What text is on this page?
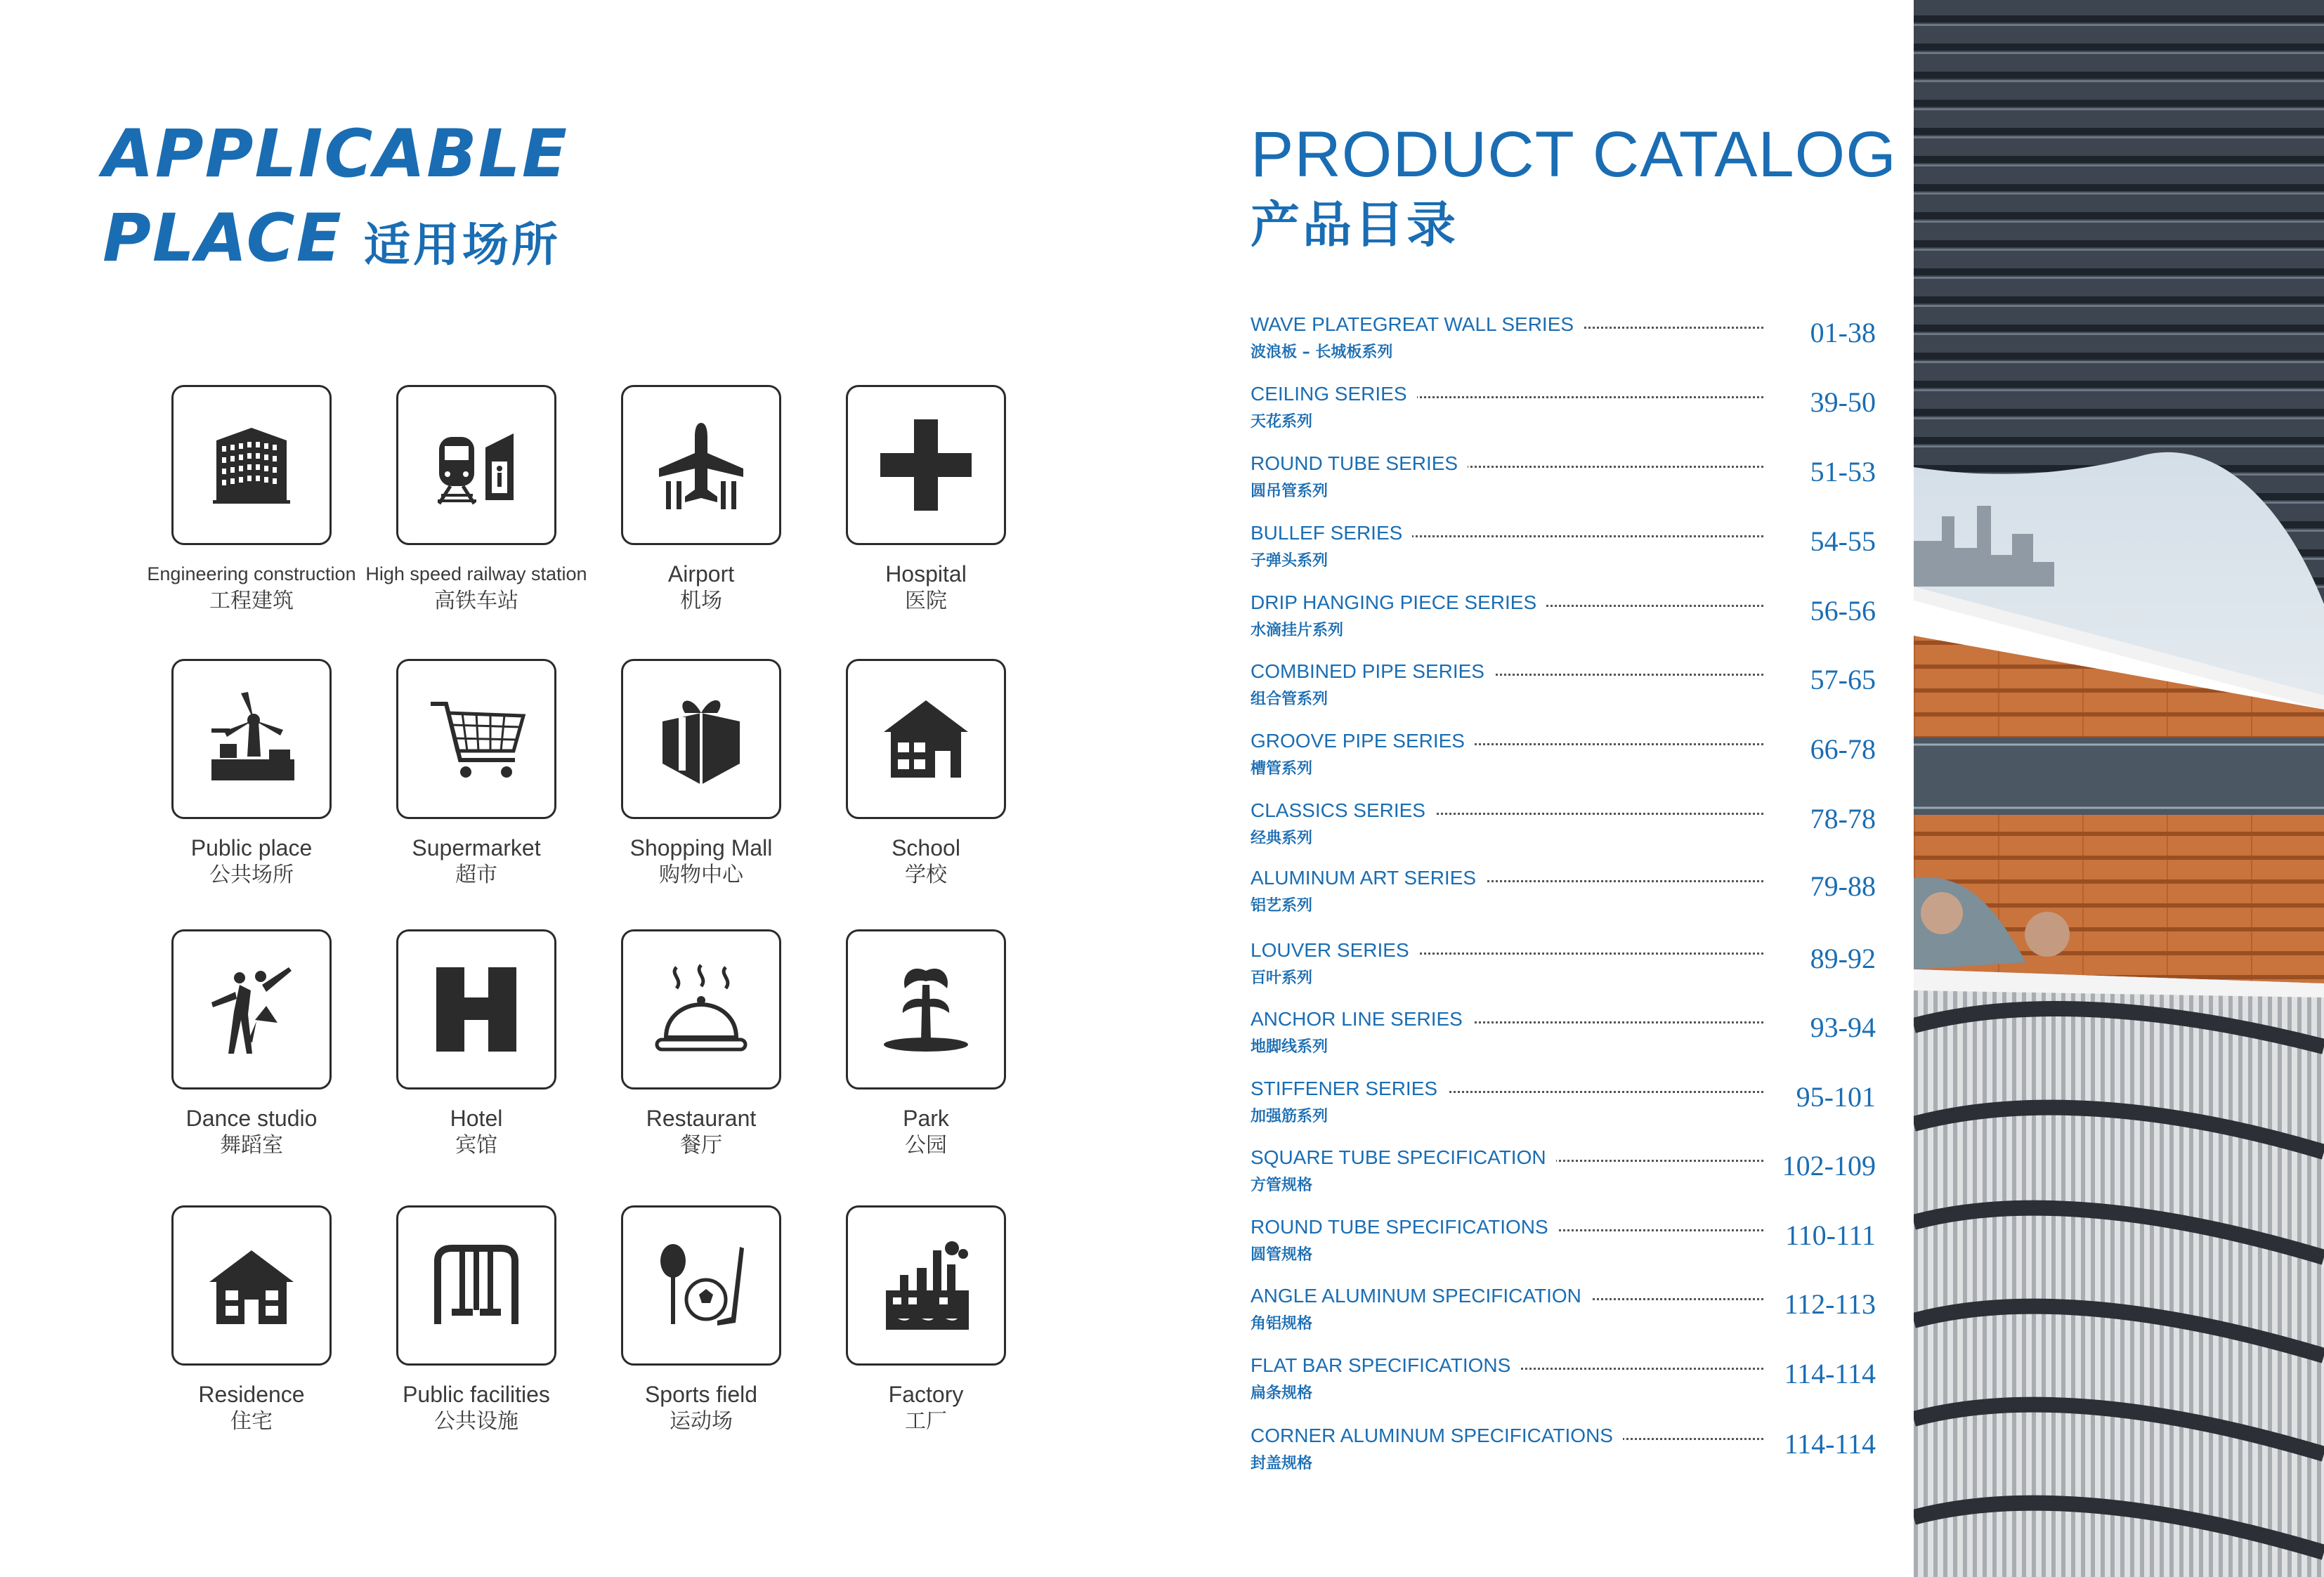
APPLICABLE
PLACE 适用场所
Engineering construction
工程建筑
High speed railway station
高铁车站
Airport
机场
Hospital
医院
Public place
公共场所
Supermarket
超市
Shopping Mall
购物中心
School
学校
Dance studio
舞蹈室
Hotel
宾馆
Restaurant
餐厅
Park
公园
Residence
住宅
Public facilities
公共设施
Sports field
运动场
Factory
工厂
PRODUCT CATALOG
产品目录
WAVE PLATEGREAT WALL SERIES
波浪板 – 长城板系列
01-38
CEILING SERIES
天花系列
39-50
ROUND TUBE SERIES
圆吊管系列
51-53
BULLEF SERIES
子弹头系列
54-55
DRIP HANGING PIECE SERIES
水滴挂片系列
56-56
COMBINED PIPE SERIES
组合管系列
57-65
GROOVE PIPE SERIES
槽管系列
66-78
CLASSICS SERIES
经典系列
78-78
ALUMINUM ART SERIES
铝艺系列
79-88
LOUVER SERIES
百叶系列
89-92
ANCHOR LINE SERIES
地脚线系列
93-94
STIFFENER SERIES
加强筋系列
95-101
SQUARE TUBE SPECIFICATION
方管规格
102-109
ROUND TUBE SPECIFICATIONS
圆管规格
110-111
ANGLE ALUMINUM SPECIFICATION
角铝规格
112-113
FLAT BAR SPECIFICATIONS
扁条规格
114-114
CORNER ALUMINUM SPECIFICATIONS
封盖规格
114-114
